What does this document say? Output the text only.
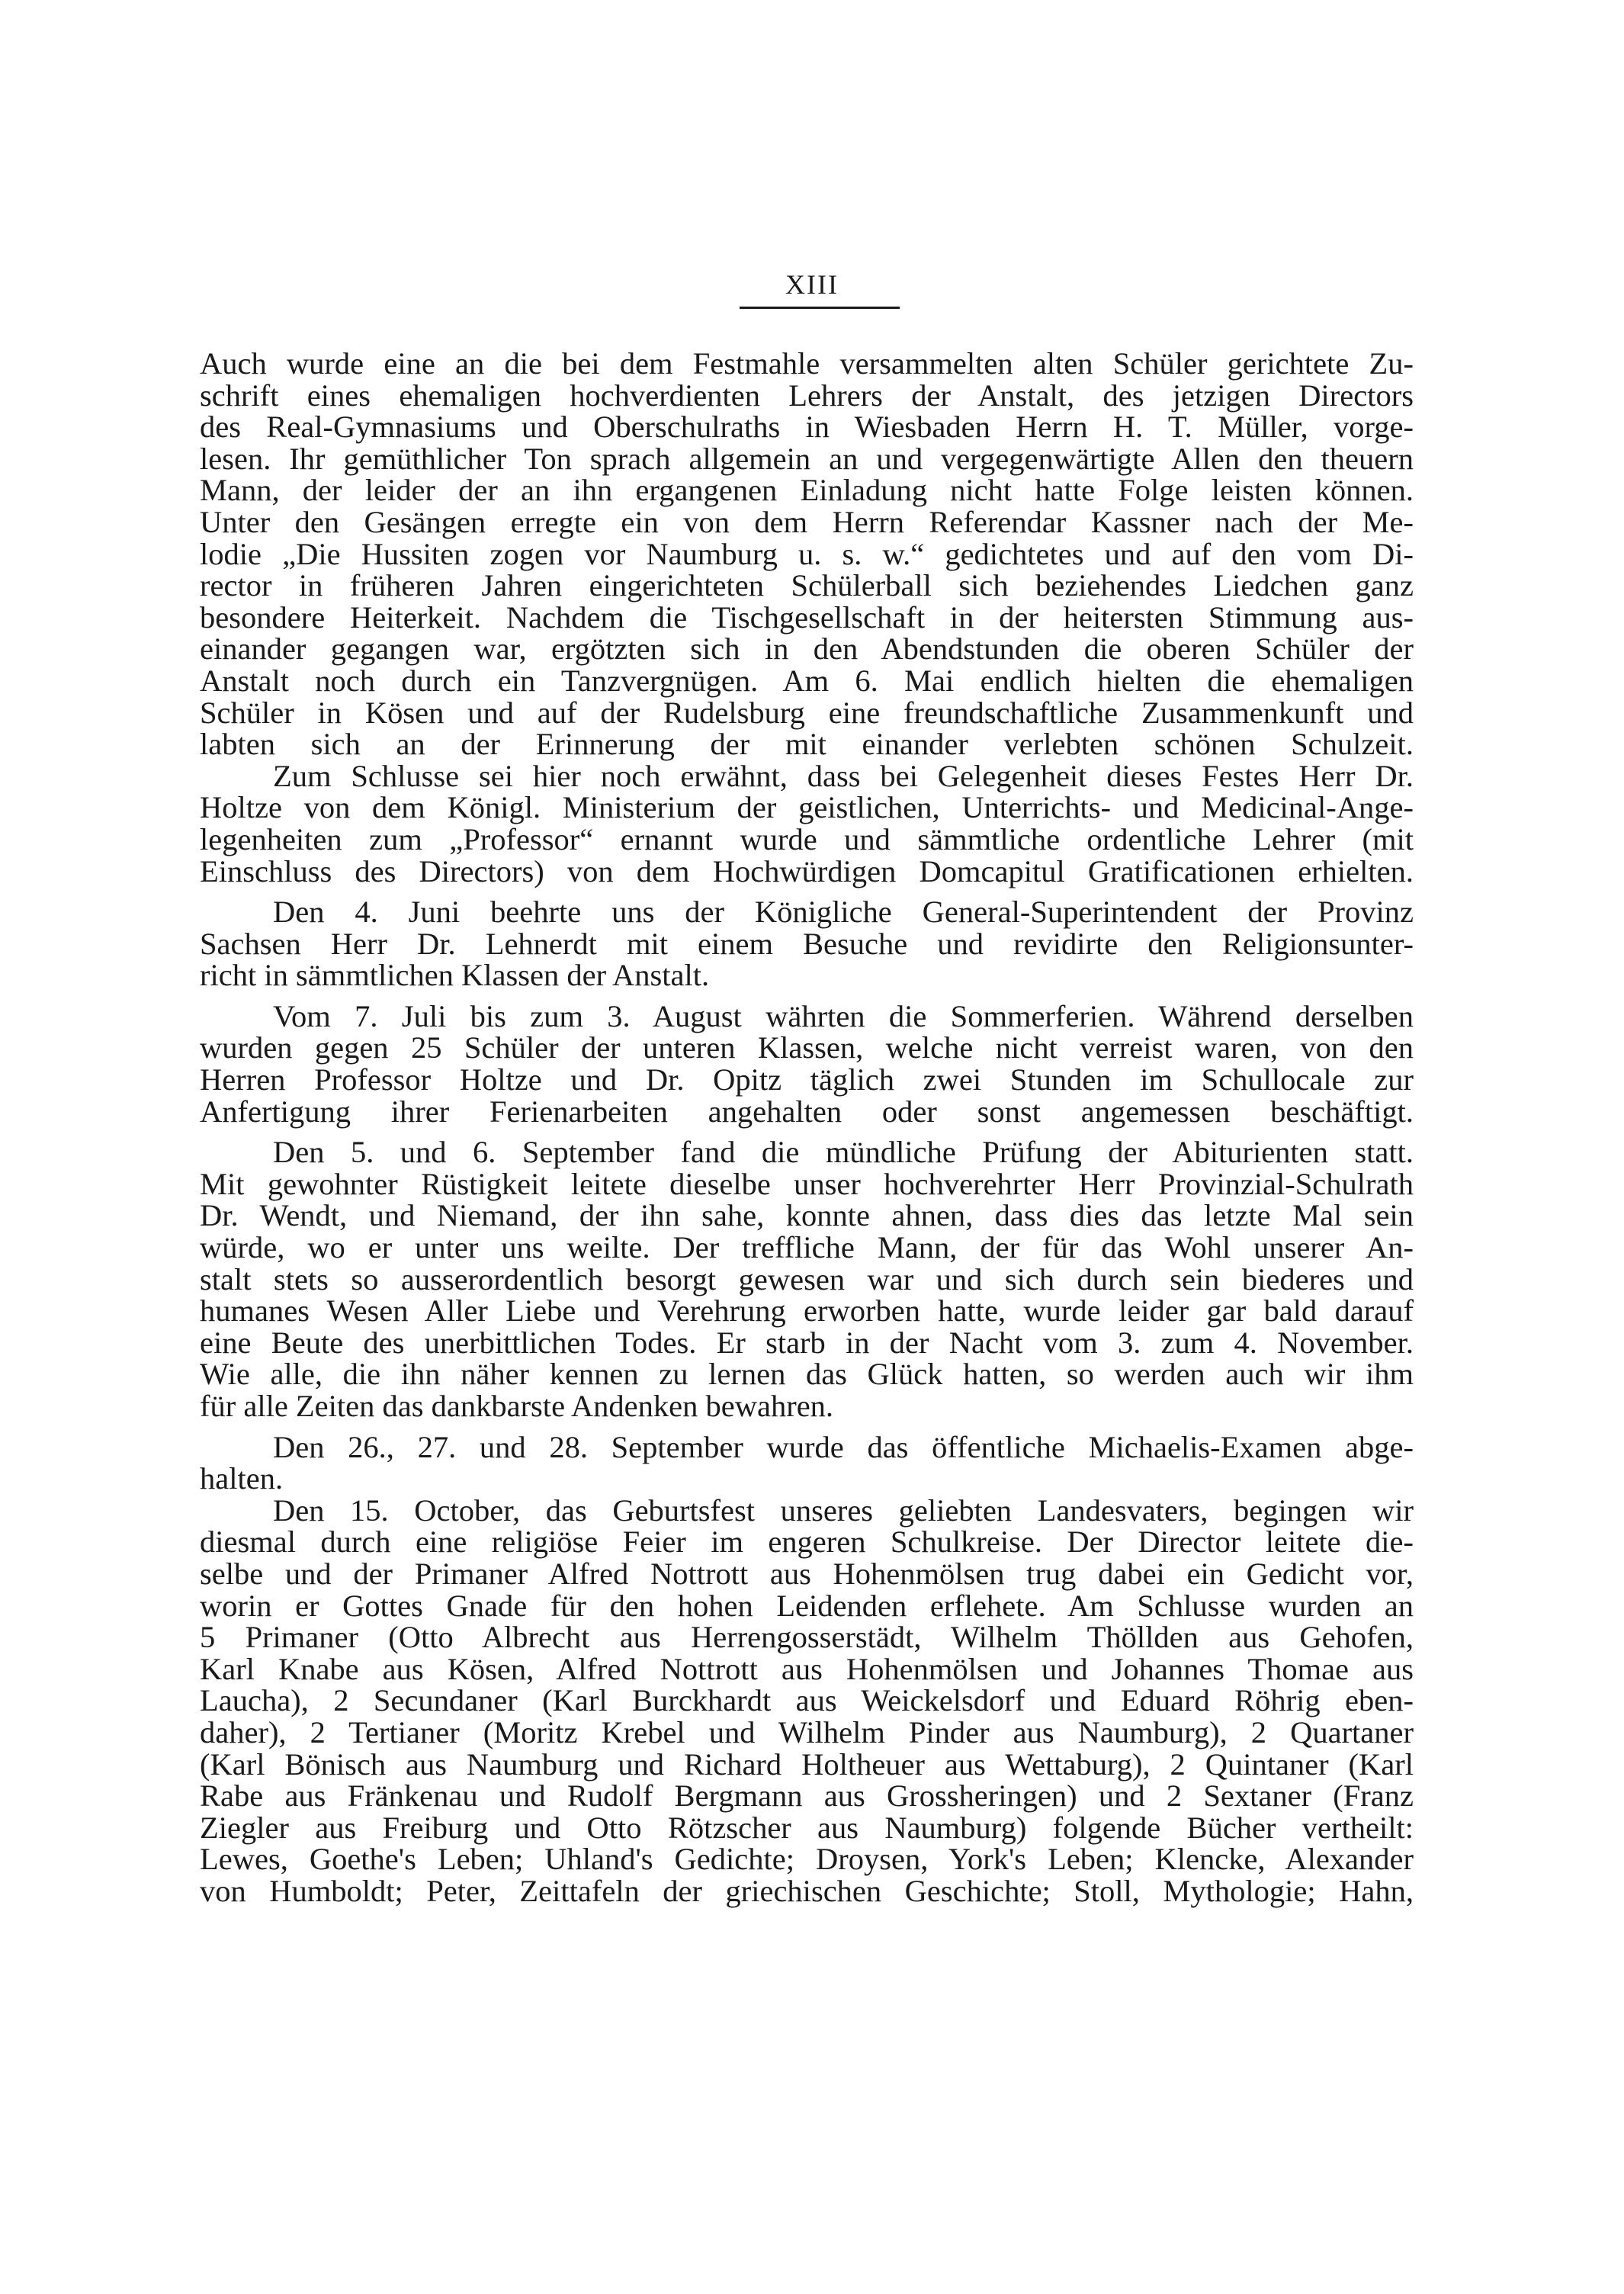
XIII

Auch wurde eine an die bei dem Festmahle versammelten alten Schüler gerichtete Zu-
schrift eines ehemaligen hochverdienten Lehrers der Anstalt, des jetzigen Directors
des Real-Gymnasiums und Oberschulraths in Wiesbaden Herrn H. T. Müller, vorge-
lesen. Ihr gemüthlicher Ton sprach allgemein an und vergegenwärtigte Allen den theuern
Mann, der leider der an ihn ergangenen Einladung nicht hatte Folge leisten können.
Unter den Gesängen erregte ein von dem Herrn Referendar Kassner nach der Me-
lodie „Die Hussiten zogen vor Naumburg u. s. w.“ gedichtetes und auf den vom Di-
rector in früheren Jahren eingerichteten Schülerball sich beziehendes Liedchen ganz
besondere Heiterkeit. Nachdem die Tischgesellschaft in der heitersten Stimmung aus-
einander gegangen war, ergötzten sich in den Abendstunden die oberen Schüler der
Anstalt noch durch ein Tanzvergnügen. Am 6. Mai endlich hielten die ehemaligen
Schüler in Kösen und auf der Rudelsburg eine freundschaftliche Zusammenkunft und
labten sich an der Erinnerung der mit einander verlebten schönen Schulzeit.
Zum Schlusse sei hier noch erwähnt, dass bei Gelegenheit dieses Festes Herr Dr.
Holtze von dem Königl. Ministerium der geistlichen, Unterrichts- und Medicinal-Ange-
legenheiten zum „Professor“ ernannt wurde und sämmtliche ordentliche Lehrer (mit
Einschluss des Directors) von dem Hochwürdigen Domcapitul Gratificationen erhielten.

Den 4. Juni beehrte uns der Königliche General-Superintendent der Provinz
Sachsen Herr Dr. Lehnerdt mit einem Besuche und revidirte den Religionsunter-
richt in sämmtlichen Klassen der Anstalt.

Vom 7. Juli bis zum 3. August währten die Sommerferien. Während derselben
wurden gegen 25 Schüler der unteren Klassen, welche nicht verreist waren, von den
Herren Professor Holtze und Dr. Opitz täglich zwei Stunden im Schullocale zur
Anfertigung ihrer Ferienarbeiten angehalten oder sonst angemessen beschäftigt.

Den 5. und 6. September fand die mündliche Prüfung der Abiturienten statt.
Mit gewohnter Rüstigkeit leitete dieselbe unser hochverehrter Herr Provinzial-Schulrath
Dr. Wendt, und Niemand, der ihn sahe, konnte ahnen, dass dies das letzte Mal sein
würde, wo er unter uns weilte. Der treffliche Mann, der für das Wohl unserer An-
stalt stets so ausserordentlich besorgt gewesen war und sich durch sein biederes und
humanes Wesen Aller Liebe und Verehrung erworben hatte, wurde leider gar bald darauf
eine Beute des unerbittlichen Todes. Er starb in der Nacht vom 3. zum 4. November.
Wie alle, die ihn näher kennen zu lernen das Glück hatten, so werden auch wir ihm
für alle Zeiten das dankbarste Andenken bewahren.

Den 26., 27. und 28. September wurde das öffentliche Michaelis-Examen abge-
halten.

Den 15. October, das Geburtsfest unseres geliebten Landesvaters, begingen wir
diesmal durch eine religiöse Feier im engeren Schulkreise. Der Director leitete die-
selbe und der Primaner Alfred Nottrott aus Hohenmölsen trug dabei ein Gedicht vor,
worin er Gottes Gnade für den hohen Leidenden erflehete. Am Schlusse wurden an
5 Primaner (Otto Albrecht aus Herrengosserstädt, Wilhelm Thöllden aus Gehofen,
Karl Knabe aus Kösen, Alfred Nottrott aus Hohenmölsen und Johannes Thomae aus
Laucha), 2 Secundaner (Karl Burckhardt aus Weickelsdorf und Eduard Röhrig eben-
daher), 2 Tertianer (Moritz Krebel und Wilhelm Pinder aus Naumburg), 2 Quartaner
(Karl Bönisch aus Naumburg und Richard Holtheuer aus Wettaburg), 2 Quintaner (Karl
Rabe aus Fränkenau und Rudolf Bergmann aus Grossheringen) und 2 Sextaner (Franz
Ziegler aus Freiburg und Otto Rötzscher aus Naumburg) folgende Bücher vertheilt:
Lewes, Goethe's Leben; Uhland's Gedichte; Droysen, York's Leben; Klencke, Alexander
von Humboldt; Peter, Zeittafeln der griechischen Geschichte; Stoll, Mythologie; Hahn,
